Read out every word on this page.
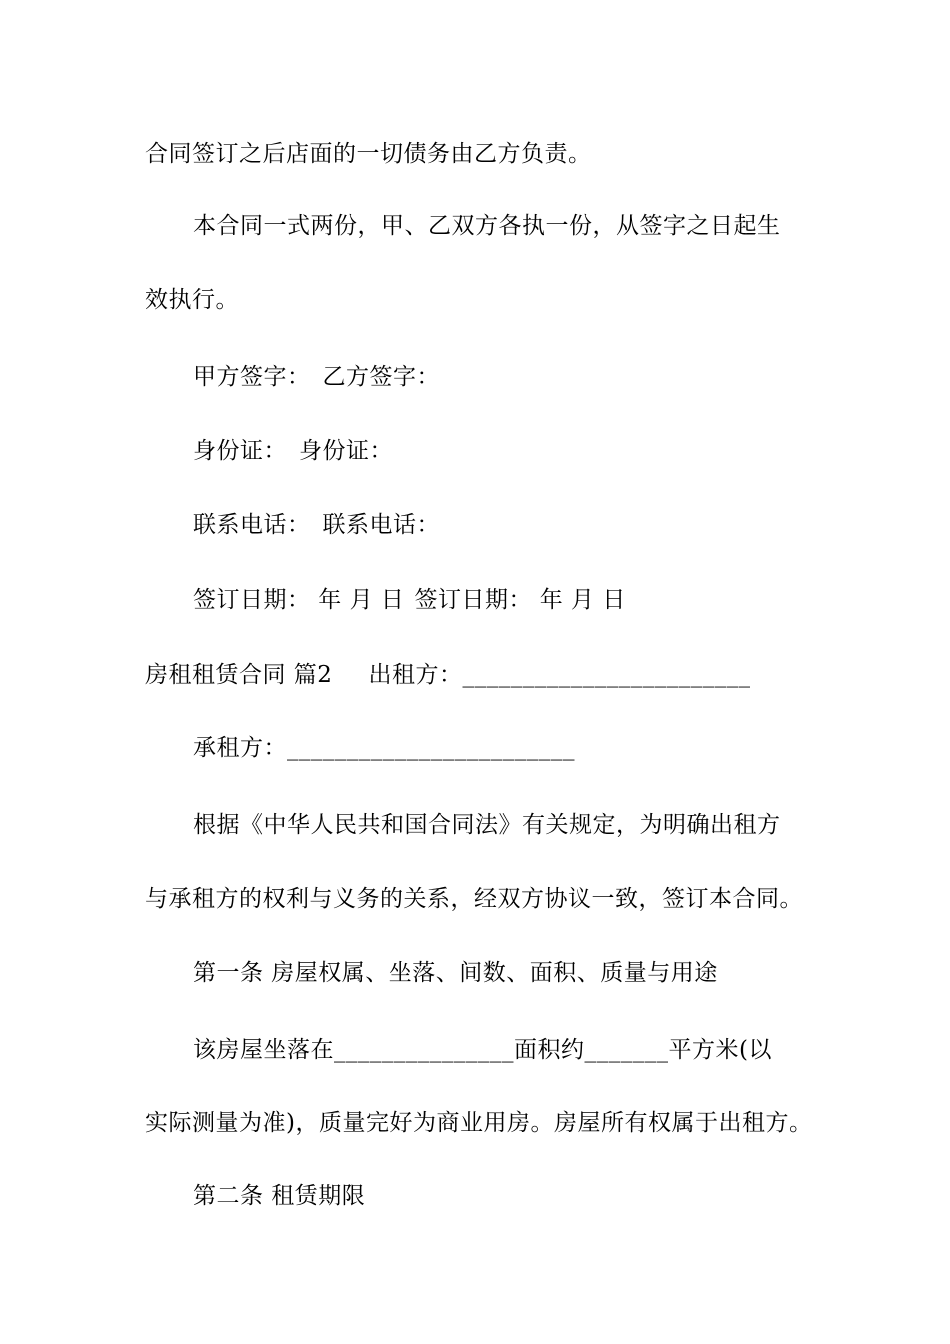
合同签订之后店面的一切债务由乙方负责。
本合同一式两份，甲、乙双方各执一份，从签字之日起生
效执行。
甲方签字： 乙方签字：
身份证： 身份证：
联系电话： 联系电话：
签订日期： 年 月 日 签订日期： 年 月 日
房租租赁合同 篇2 出租方：________________________
承租方：________________________
根据《中华人民共和国合同法》有关规定，为明确出租方
与承租方的权利与义务的关系，经双方协议一致，签订本合同。
第一条 房屋权属、坐落、间数、面积、质量与用途
该房屋坐落在_______________面积约_______平方米(以
实际测量为准)，质量完好为商业用房。房屋所有权属于出租方。
第二条 租赁期限
